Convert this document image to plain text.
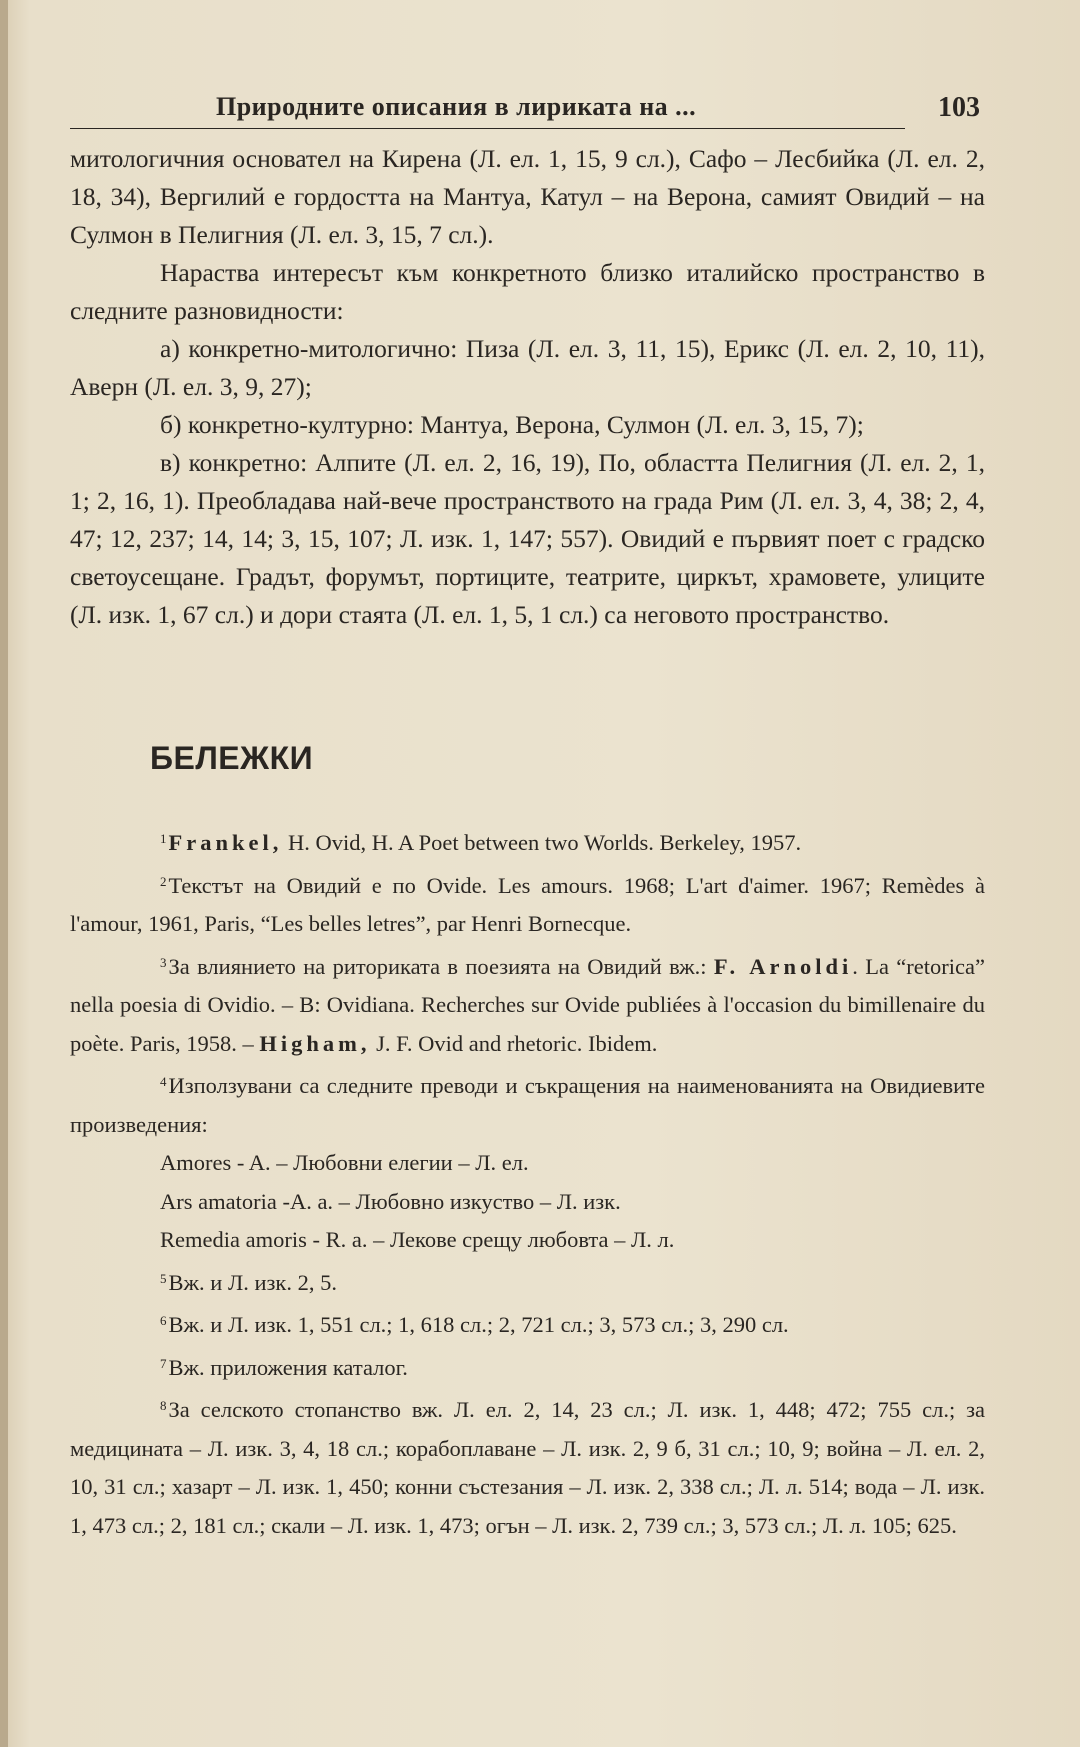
Природните описания в лириката на ...	103

митологичния основател на Кирена (Л. ел. 1, 15, 9 сл.), Сафо – Лесбийка (Л. ел. 2, 18, 34), Вергилий е гордостта на Мантуа, Катул – на Верона, самият Овидий – на Сулмон в Пелигния (Л. ел. 3, 15, 7 сл.).

Нараства интересът към конкретното близко италийско пространство в следните разновидности:

а) конкретно-митологично: Пиза (Л. ел. 3, 11, 15), Ерикс (Л. ел. 2, 10, 11), Аверн (Л. ел. 3, 9, 27);

б) конкретно-културно: Мантуа, Верона, Сулмон (Л. ел. 3, 15, 7);

в) конкретно: Алпите (Л. ел. 2, 16, 19), По, областта Пелигния (Л. ел. 2, 1, 1; 2, 16, 1). Преобладава най-вече пространството на града Рим (Л. ел. 3, 4, 38; 2, 4, 47; 12, 237; 14, 14; 3, 15, 107; Л. изк. 1, 147; 557). Овидий е първият поет с градско светоусещане. Градът, форумът, портиците, театрите, циркът, храмовете, улиците (Л. изк. 1, 67 сл.) и дори стаята (Л. ел. 1, 5, 1 сл.) са неговото пространство.

БЕЛЕЖКИ

$^1$Frankel, H. Ovid, H. A Poet between two Worlds. Berkeley, 1957.

$^2$Текстът на Овидий е по Ovide. Les amours. 1968; L'art d'aimer. 1967; Remèdes à l'amour, 1961, Paris, “Les belles letres”, par Henri Bornecque.

$^3$За влиянието на риториката в поезията на Овидий вж.: F. Arnoldi. La “retorica” nella poesia di Ovidio. – В: Ovidiana. Recherches sur Ovide publiées à l'occasion du bimillenaire du poète. Paris, 1958. – Higham, J. F. Ovid and rhetoric. Ibidem.

$^4$Използувани са следните преводи и съкращения на наименованията на Овидиевите произведения:

Amores - A. – Любовни елегии – Л. ел.

Ars amatoria -A. a. – Любовно изкуство – Л. изк.

Remedia amoris - R. a. – Лекове срещу любовта – Л. л.

$^5$Вж. и Л. изк. 2, 5.

$^6$Вж. и Л. изк. 1, 551 сл.; 1, 618 сл.; 2, 721 сл.; 3, 573 сл.; 3, 290 сл.

$^7$Вж. приложения каталог.

$^8$За селското стопанство вж. Л. ел. 2, 14, 23 сл.; Л. изк. 1, 448; 472; 755 сл.; за медицината – Л. изк. 3, 4, 18 сл.; корабоплаване – Л. изк. 2, 9 б, 31 сл.; 10, 9; война – Л. ел. 2, 10, 31 сл.; хазарт – Л. изк. 1, 450; конни състезания – Л. изк. 2, 338 сл.; Л. л. 514; вода – Л. изк. 1, 473 сл.; 2, 181 сл.; скали – Л. изк. 1, 473; огън – Л. изк. 2, 739 сл.; 3, 573 сл.; Л. л. 105; 625.
